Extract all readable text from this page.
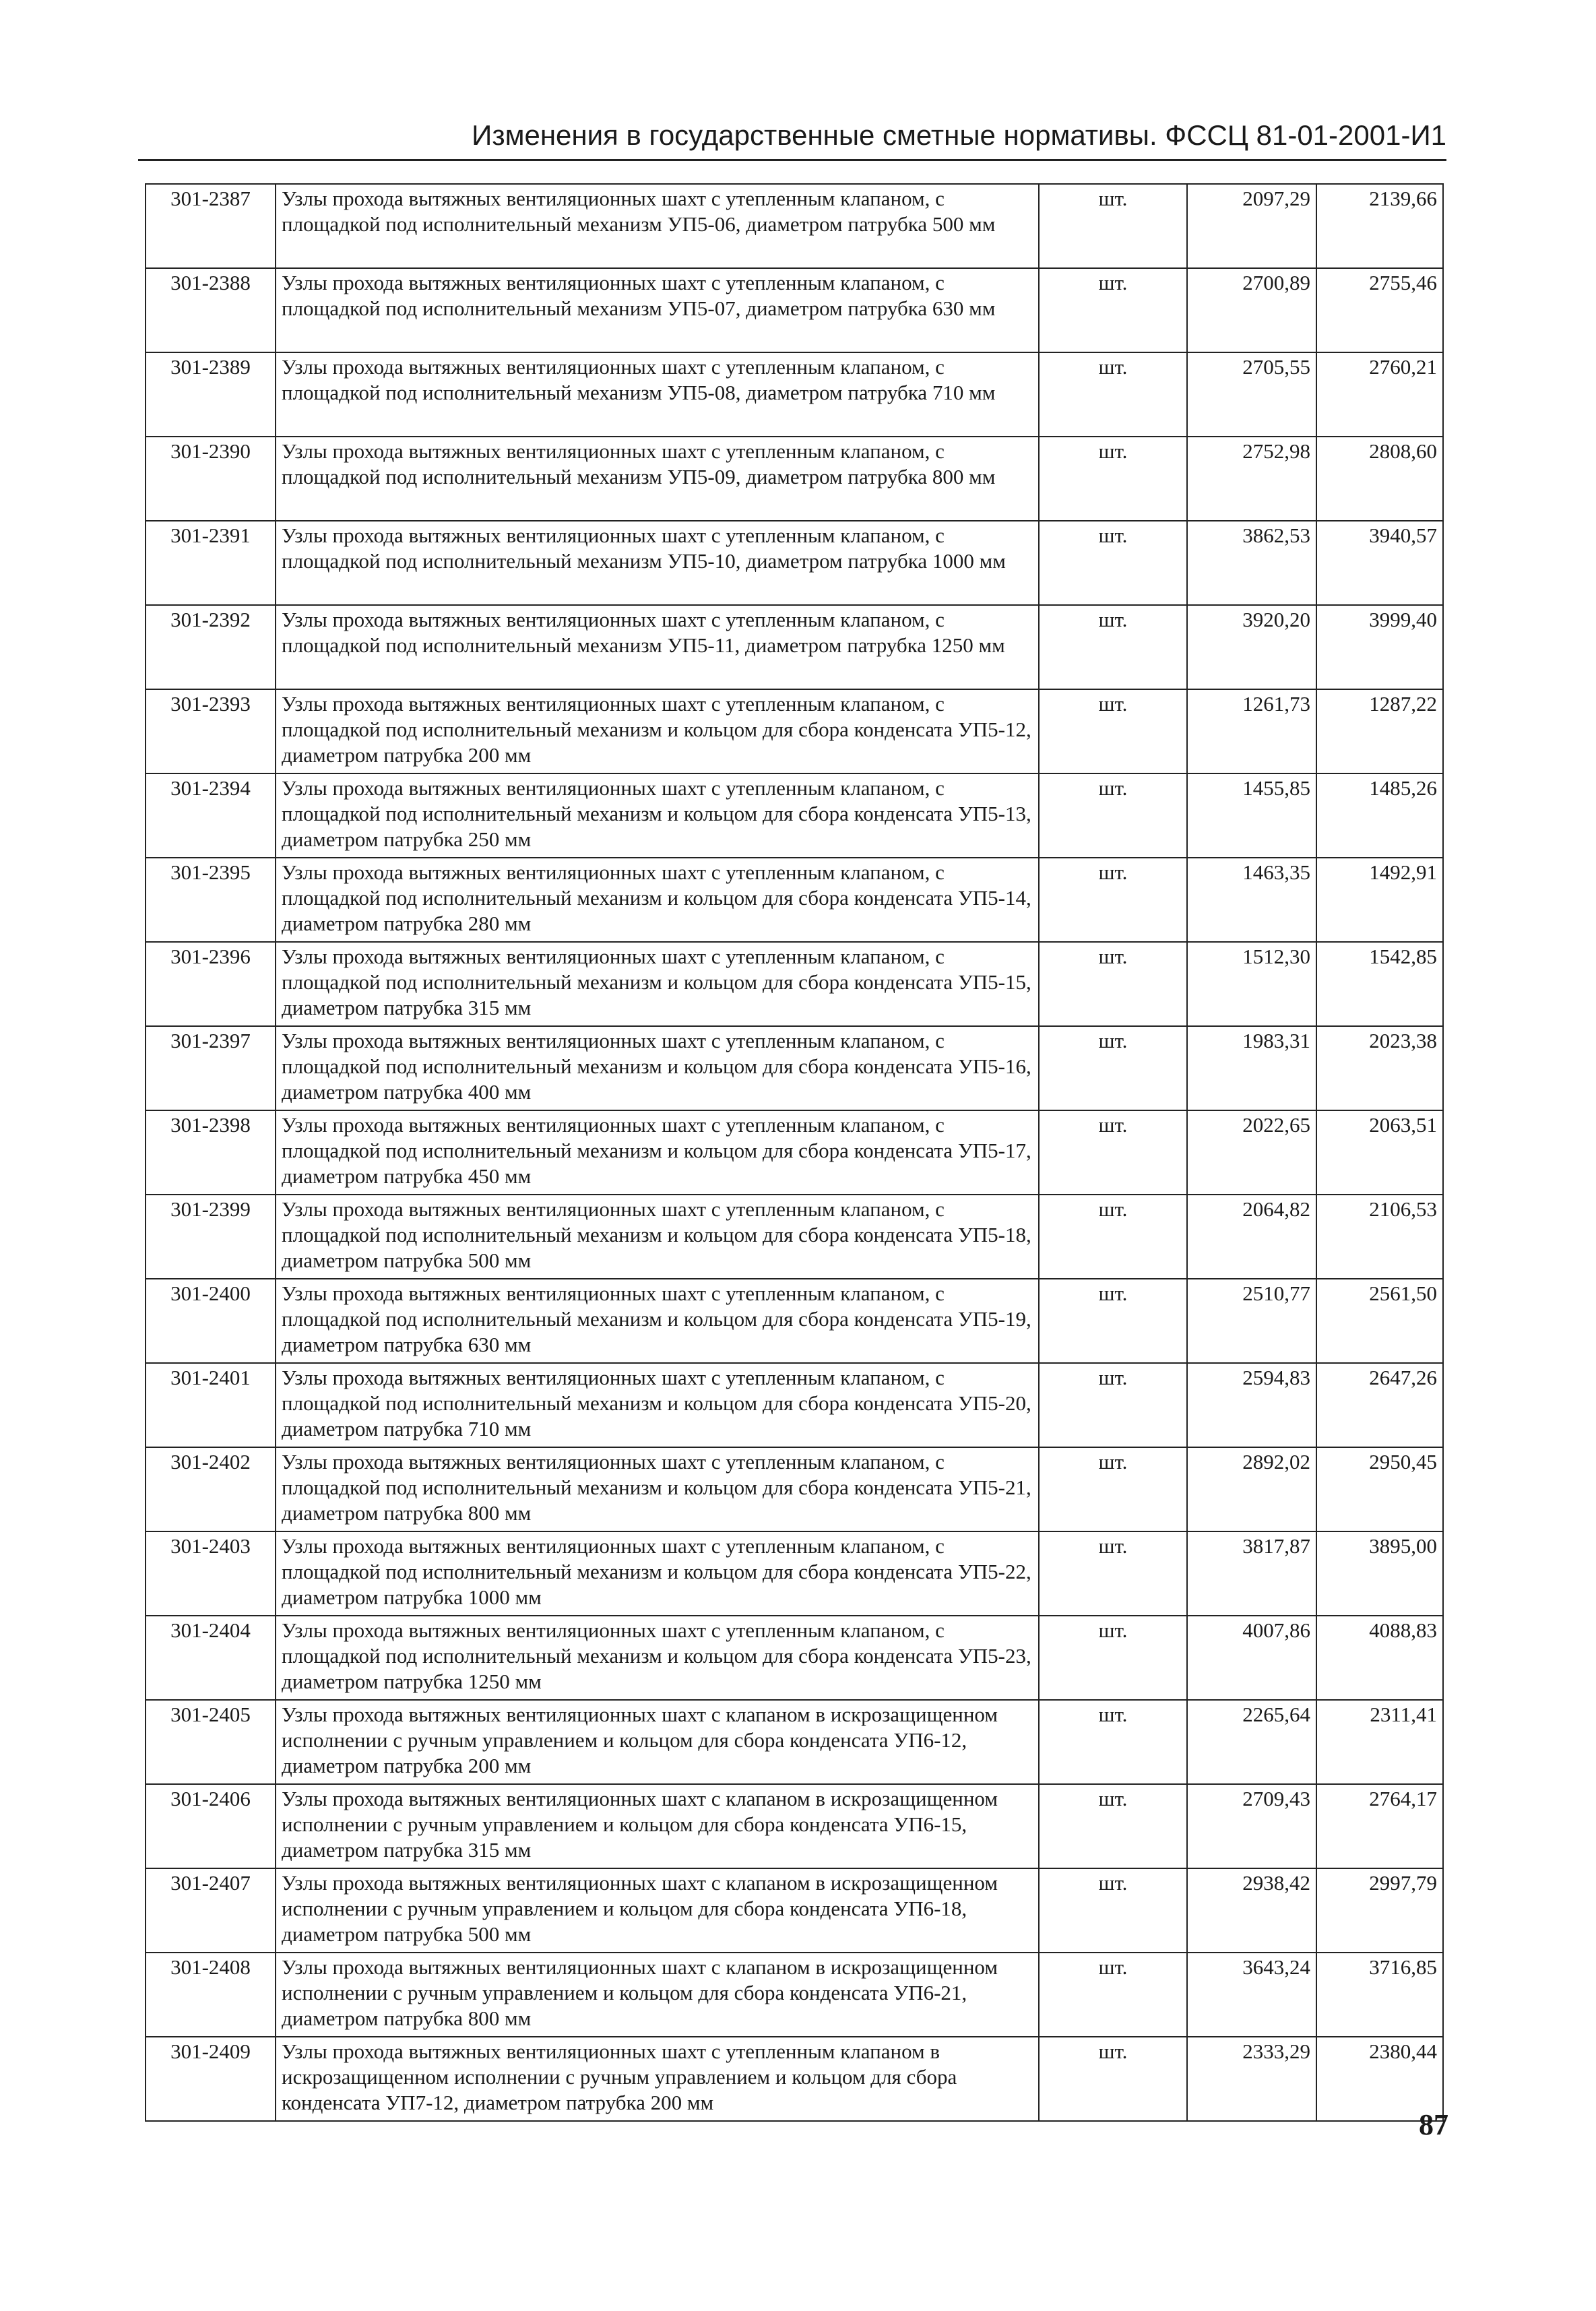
Изменения в государственные сметные нормативы. ФССЦ 81-01-2001-И1
301-2387	Узлы прохода вытяжных вентиляционных шахт с утепленным клапаном, с площадкой под исполнительный механизм УП5-06, диаметром патрубка 500 мм	шт.	2097,29	2139,66
301-2388	Узлы прохода вытяжных вентиляционных шахт с утепленным клапаном, с площадкой под исполнительный механизм УП5-07, диаметром патрубка 630 мм	шт.	2700,89	2755,46
301-2389	Узлы прохода вытяжных вентиляционных шахт с утепленным клапаном, с площадкой под исполнительный механизм УП5-08, диаметром патрубка 710 мм	шт.	2705,55	2760,21
301-2390	Узлы прохода вытяжных вентиляционных шахт с утепленным клапаном, с площадкой под исполнительный механизм УП5-09, диаметром патрубка 800 мм	шт.	2752,98	2808,60
301-2391	Узлы прохода вытяжных вентиляционных шахт с утепленным клапаном, с площадкой под исполнительный механизм УП5-10, диаметром патрубка 1000 мм	шт.	3862,53	3940,57
301-2392	Узлы прохода вытяжных вентиляционных шахт с утепленным клапаном, с площадкой под исполнительный механизм УП5-11, диаметром патрубка 1250 мм	шт.	3920,20	3999,40
301-2393	Узлы прохода вытяжных вентиляционных шахт с утепленным клапаном, с площадкой под исполнительный механизм и кольцом для сбора конденсата УП5-12, диаметром патрубка 200 мм	шт.	1261,73	1287,22
301-2394	Узлы прохода вытяжных вентиляционных шахт с утепленным клапаном, с площадкой под исполнительный механизм и кольцом для сбора конденсата УП5-13, диаметром патрубка 250 мм	шт.	1455,85	1485,26
301-2395	Узлы прохода вытяжных вентиляционных шахт с утепленным клапаном, с площадкой под исполнительный механизм и кольцом для сбора конденсата УП5-14, диаметром патрубка 280 мм	шт.	1463,35	1492,91
301-2396	Узлы прохода вытяжных вентиляционных шахт с утепленным клапаном, с площадкой под исполнительный механизм и кольцом для сбора конденсата УП5-15, диаметром патрубка 315 мм	шт.	1512,30	1542,85
301-2397	Узлы прохода вытяжных вентиляционных шахт с утепленным клапаном, с площадкой под исполнительный механизм и кольцом для сбора конденсата УП5-16, диаметром патрубка 400 мм	шт.	1983,31	2023,38
301-2398	Узлы прохода вытяжных вентиляционных шахт с утепленным клапаном, с площадкой под исполнительный механизм и кольцом для сбора конденсата УП5-17, диаметром патрубка 450 мм	шт.	2022,65	2063,51
301-2399	Узлы прохода вытяжных вентиляционных шахт с утепленным клапаном, с площадкой под исполнительный механизм и кольцом для сбора конденсата УП5-18, диаметром патрубка 500 мм	шт.	2064,82	2106,53
301-2400	Узлы прохода вытяжных вентиляционных шахт с утепленным клапаном, с площадкой под исполнительный механизм и кольцом для сбора конденсата УП5-19, диаметром патрубка 630 мм	шт.	2510,77	2561,50
301-2401	Узлы прохода вытяжных вентиляционных шахт с утепленным клапаном, с площадкой под исполнительный механизм и кольцом для сбора конденсата УП5-20, диаметром патрубка 710 мм	шт.	2594,83	2647,26
301-2402	Узлы прохода вытяжных вентиляционных шахт с утепленным клапаном, с площадкой под исполнительный механизм и кольцом для сбора конденсата УП5-21, диаметром патрубка 800 мм	шт.	2892,02	2950,45
301-2403	Узлы прохода вытяжных вентиляционных шахт с утепленным клапаном, с площадкой под исполнительный механизм и кольцом для сбора конденсата УП5-22, диаметром патрубка 1000 мм	шт.	3817,87	3895,00
301-2404	Узлы прохода вытяжных вентиляционных шахт с утепленным клапаном, с площадкой под исполнительный механизм и кольцом для сбора конденсата УП5-23, диаметром патрубка 1250 мм	шт.	4007,86	4088,83
301-2405	Узлы прохода вытяжных вентиляционных шахт с клапаном в искрозащищенном исполнении с ручным управлением и кольцом для сбора конденсата УП6-12, диаметром патрубка 200 мм	шт.	2265,64	2311,41
301-2406	Узлы прохода вытяжных вентиляционных шахт с клапаном в искрозащищенном исполнении с ручным управлением и кольцом для сбора конденсата УП6-15, диаметром патрубка 315 мм	шт.	2709,43	2764,17
301-2407	Узлы прохода вытяжных вентиляционных шахт с клапаном в искрозащищенном исполнении с ручным управлением и кольцом для сбора конденсата УП6-18, диаметром патрубка 500 мм	шт.	2938,42	2997,79
301-2408	Узлы прохода вытяжных вентиляционных шахт с клапаном в искрозащищенном исполнении с ручным управлением и кольцом для сбора конденсата УП6-21, диаметром патрубка 800 мм	шт.	3643,24	3716,85
301-2409	Узлы прохода вытяжных вентиляционных шахт с утепленным клапаном в искрозащищенном исполнении с ручным управлением и кольцом для сбора конденсата УП7-12, диаметром патрубка 200 мм	шт.	2333,29	2380,44
87
